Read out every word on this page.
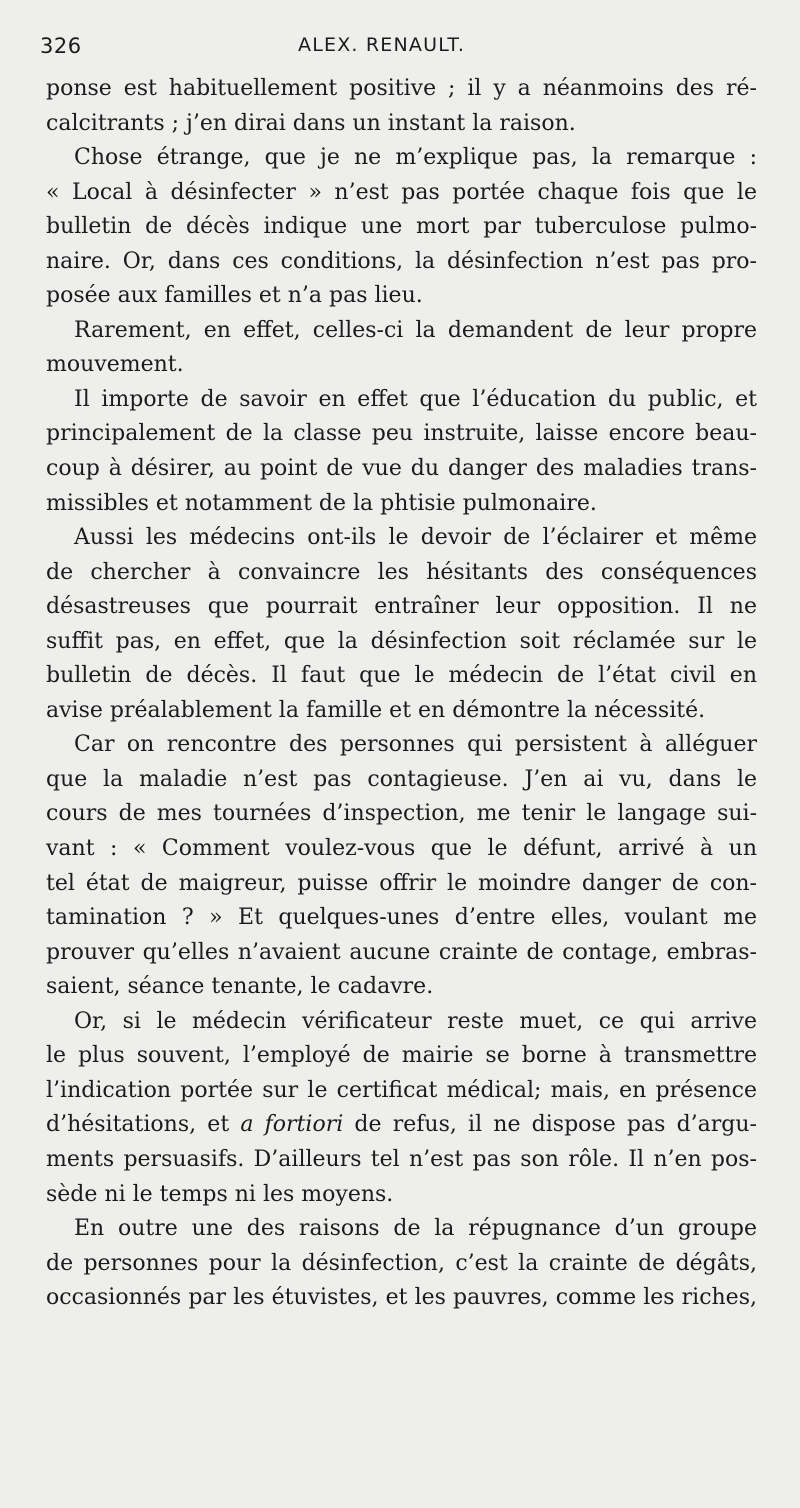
326	ALEX. RENAULT.
ponse est habituellement positive ; il y a néanmoins des ré-
calcitrants ; j’en dirai dans un instant la raison.
Chose étrange, que je ne m’explique pas, la remarque :
« Local à désinfecter » n’est pas portée chaque fois que le
bulletin de décès indique une mort par tuberculose pulmo-
naire. Or, dans ces conditions, la désinfection n’est pas pro-
posée aux familles et n’a pas lieu.
Rarement, en effet, celles-ci la demandent de leur propre
mouvement.
Il importe de savoir en effet que l’éducation du public, et
principalement de la classe peu instruite, laisse encore beau-
coup à désirer, au point de vue du danger des maladies trans-
missibles et notamment de la phtisie pulmonaire.
Aussi les médecins ont-ils le devoir de l’éclairer et même
de chercher à convaincre les hésitants des conséquences
désastreuses que pourrait entraîner leur opposition. Il ne
suffit pas, en effet, que la désinfection soit réclamée sur le
bulletin de décès. Il faut que le médecin de l’état civil en
avise préalablement la famille et en démontre la nécessité.
Car on rencontre des personnes qui persistent à alléguer
que la maladie n’est pas contagieuse. J’en ai vu, dans le
cours de mes tournées d’inspection, me tenir le langage sui-
vant : « Comment voulez-vous que le défunt, arrivé à un
tel état de maigreur, puisse offrir le moindre danger de con-
tamination ? » Et quelques-unes d’entre elles, voulant me
prouver qu’elles n’avaient aucune crainte de contage, embras-
saient, séance tenante, le cadavre.
Or, si le médecin vérificateur reste muet, ce qui arrive
le plus souvent, l’employé de mairie se borne à transmettre
l’indication portée sur le certificat médical; mais, en présence
d’hésitations, et a fortiori de refus, il ne dispose pas d’argu-
ments persuasifs. D’ailleurs tel n’est pas son rôle. Il n’en pos-
sède ni le temps ni les moyens.
En outre une des raisons de la répugnance d’un groupe
de personnes pour la désinfection, c’est la crainte de dégâts,
occasionnés par les étuvistes, et les pauvres, comme les riches,
